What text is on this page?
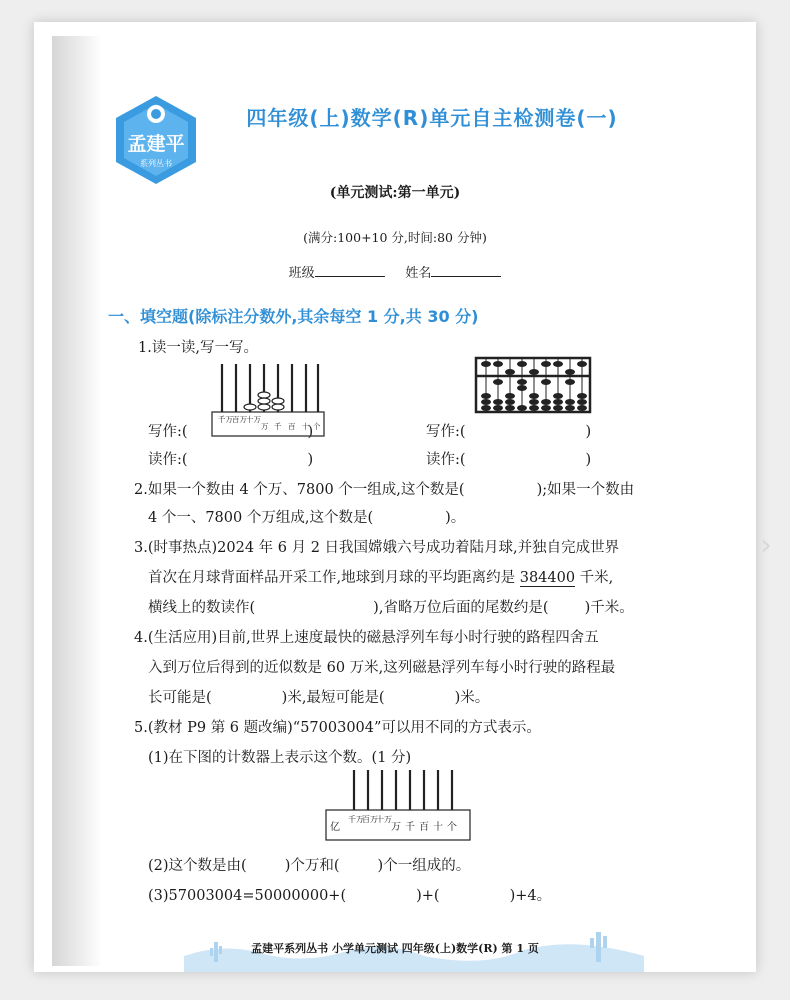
孟建平
系列丛书
四年级(上)数学(R)单元自主检测卷(一)
(单元测试:第一单元)
(满分:100+10 分,时间:80 分钟)
班级	姓名
一、填空题(除标注分数外,其余每空 1 分,共 30 分)
1.读一读,写一写。
千万 百万 十万
万 千 百 十 个
写作:(	)	写作:(	)
读作:(	)	读作:(	)
2.如果一个数由 4 个万、7800 个一组成,这个数是(	);如果一个数由
4 个一、7800 个万组成,这个数是(	)。
3.(时事热点)2024 年 6 月 2 日我国嫦娥六号成功着陆月球,并独自完成世界
首次在月球背面样品开采工作,地球到月球的平均距离约是 384400 千米,
横线上的数读作(	),省略万位后面的尾数约是( )千米。
4.(生活应用)目前,世界上速度最快的磁悬浮列车每小时行驶的路程四舍五
入到万位后得到的近似数是 60 万米,这列磁悬浮列车每小时行驶的路程最
长可能是(	)米,最短可能是(	)米。
5.(教材 P9 第 6 题改编)“57003004”可以用不同的方式表示。
(1)在下图的计数器上表示这个数。(1 分)
亿
千万
百万
十万
万 千 百 十 个
(2)这个数是由(	)个万和(	)个一组成的。
(3)57003004=50000000+(	)+(	)+4。
孟建平系列丛书 小学单元测试 四年级(上)数学(R) 第 1 页
›
